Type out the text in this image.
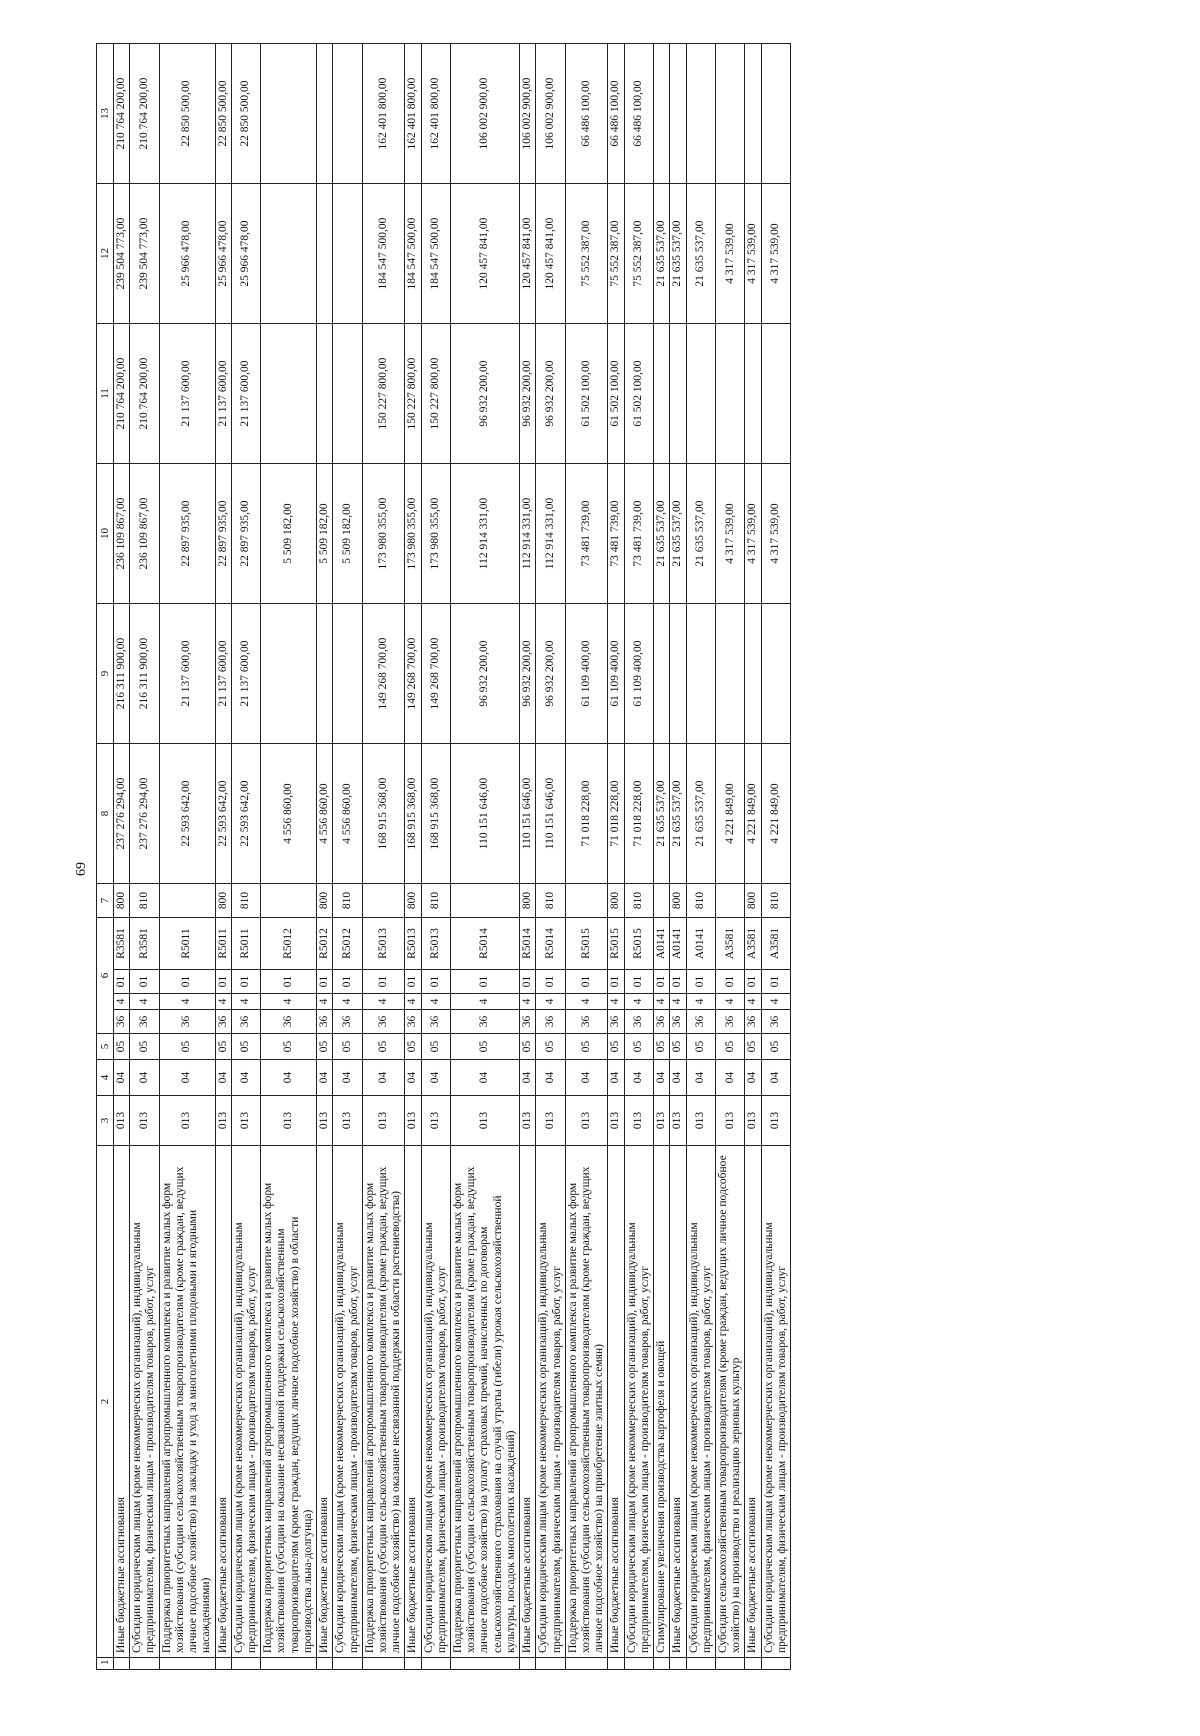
69
1	2	3	4	5	6				7	8	9	10	11	12	13
	Иные бюджетные ассигнования	013	04	05	36	4	01	R3581	800	237 276 294,00	216 311 900,00	236 109 867,00	210 764 200,00	239 504 773,00	210 764 200,00
	Субсидии юридическим лицам (кроме некоммерческих организаций), индивидуальным предпринимателям, физическим лицам - производителям товаров, работ, услуг	013	04	05	36	4	01	R3581	810	237 276 294,00	216 311 900,00	236 109 867,00	210 764 200,00	239 504 773,00	210 764 200,00
	Поддержка приоритетных направлений агропромышленного комплекса и развитие малых форм хозяйствования (субсидии сельскохозяйственным товаропроизводителям (кроме граждан, ведущих личное подсобное хозяйство) на закладку и уход за многолетними плодовыми и ягодными насаждениями)	013	04	05	36	4	01	R5011		22 593 642,00	21 137 600,00	22 897 935,00	21 137 600,00	25 966 478,00	22 850 500,00
	Иные бюджетные ассигнования	013	04	05	36	4	01	R5011	800	22 593 642,00	21 137 600,00	22 897 935,00	21 137 600,00	25 966 478,00	22 850 500,00
	Субсидии юридическим лицам (кроме некоммерческих организаций), индивидуальным предпринимателям, физическим лицам - производителям товаров, работ, услуг	013	04	05	36	4	01	R5011	810	22 593 642,00	21 137 600,00	22 897 935,00	21 137 600,00	25 966 478,00	22 850 500,00
	Поддержка приоритетных направлений агропромышленного комплекса и развитие малых форм хозяйствования (субсидии на оказание несвязанной поддержки сельскохозяйственным товаропроизводителям (кроме граждан, ведущих личное подсобное хозяйство) в области производства льна-долгунца)	013	04	05	36	4	01	R5012		4 556 860,00		5 509 182,00			
	Иные бюджетные ассигнования	013	04	05	36	4	01	R5012	800	4 556 860,00		5 509 182,00			
	Субсидии юридическим лицам (кроме некоммерческих организаций), индивидуальным предпринимателям, физическим лицам - производителям товаров, работ, услуг	013	04	05	36	4	01	R5012	810	4 556 860,00		5 509 182,00			
	Поддержка приоритетных направлений агропромышленного комплекса и развитие малых форм хозяйствования (субсидии сельскохозяйственным товаропроизводителям (кроме граждан, ведущих личное подсобное хозяйство) на оказание несвязанной поддержки в области растениеводства)	013	04	05	36	4	01	R5013		168 915 368,00	149 268 700,00	173 980 355,00	150 227 800,00	184 547 500,00	162 401 800,00
	Иные бюджетные ассигнования	013	04	05	36	4	01	R5013	800	168 915 368,00	149 268 700,00	173 980 355,00	150 227 800,00	184 547 500,00	162 401 800,00
	Субсидии юридическим лицам (кроме некоммерческих организаций), индивидуальным предпринимателям, физическим лицам - производителям товаров, работ, услуг	013	04	05	36	4	01	R5013	810	168 915 368,00	149 268 700,00	173 980 355,00	150 227 800,00	184 547 500,00	162 401 800,00
	Поддержка приоритетных направлений агропромышленного комплекса и развитие малых форм хозяйствования (субсидии сельскохозяйственным товаропроизводителям (кроме граждан, ведущих личное подсобное хозяйство) на уплату страховых премий, начисленных по договорам сельскохозяйственного страхования на случай утраты (гибели) урожая сельскохозяйственной культуры, посадок многолетних насаждений)	013	04	05	36	4	01	R5014		110 151 646,00	96 932 200,00	112 914 331,00	96 932 200,00	120 457 841,00	106 002 900,00
	Иные бюджетные ассигнования	013	04	05	36	4	01	R5014	800	110 151 646,00	96 932 200,00	112 914 331,00	96 932 200,00	120 457 841,00	106 002 900,00
	Субсидии юридическим лицам (кроме некоммерческих организаций), индивидуальным предпринимателям, физическим лицам - производителям товаров, работ, услуг	013	04	05	36	4	01	R5014	810	110 151 646,00	96 932 200,00	112 914 331,00	96 932 200,00	120 457 841,00	106 002 900,00
	Поддержка приоритетных направлений агропромышленного комплекса и развитие малых форм хозяйствования (субсидии сельскохозяйственным товаропроизводителям (кроме граждан, ведущих личное подсобное хозяйство) на приобретение элитных семян)	013	04	05	36	4	01	R5015		71 018 228,00	61 109 400,00	73 481 739,00	61 502 100,00	75 552 387,00	66 486 100,00
	Иные бюджетные ассигнования	013	04	05	36	4	01	R5015	800	71 018 228,00	61 109 400,00	73 481 739,00	61 502 100,00	75 552 387,00	66 486 100,00
	Субсидии юридическим лицам (кроме некоммерческих организаций), индивидуальным предпринимателям, физическим лицам - производителям товаров, работ, услуг	013	04	05	36	4	01	R5015	810	71 018 228,00	61 109 400,00	73 481 739,00	61 502 100,00	75 552 387,00	66 486 100,00
	Стимулирование увеличения производства картофеля и овощей	013	04	05	36	4	01	A0141		21 635 537,00		21 635 537,00		21 635 537,00	
	Иные бюджетные ассигнования	013	04	05	36	4	01	A0141	800	21 635 537,00		21 635 537,00		21 635 537,00	
	Субсидии юридическим лицам (кроме некоммерческих организаций), индивидуальным предпринимателям, физическим лицам - производителям товаров, работ, услуг	013	04	05	36	4	01	A0141	810	21 635 537,00		21 635 537,00		21 635 537,00	
	Субсидии сельскохозяйственным товаропроизводителям (кроме граждан, ведущих личное подсобное хозяйство) на производство и реализацию зерновых культур	013	04	05	36	4	01	A3581		4 221 849,00		4 317 539,00		4 317 539,00	
	Иные бюджетные ассигнования	013	04	05	36	4	01	A3581	800	4 221 849,00		4 317 539,00		4 317 539,00	
	Субсидии юридическим лицам (кроме некоммерческих организаций), индивидуальным предпринимателям, физическим лицам - производителям товаров, работ, услуг	013	04	05	36	4	01	A3581	810	4 221 849,00		4 317 539,00		4 317 539,00	
